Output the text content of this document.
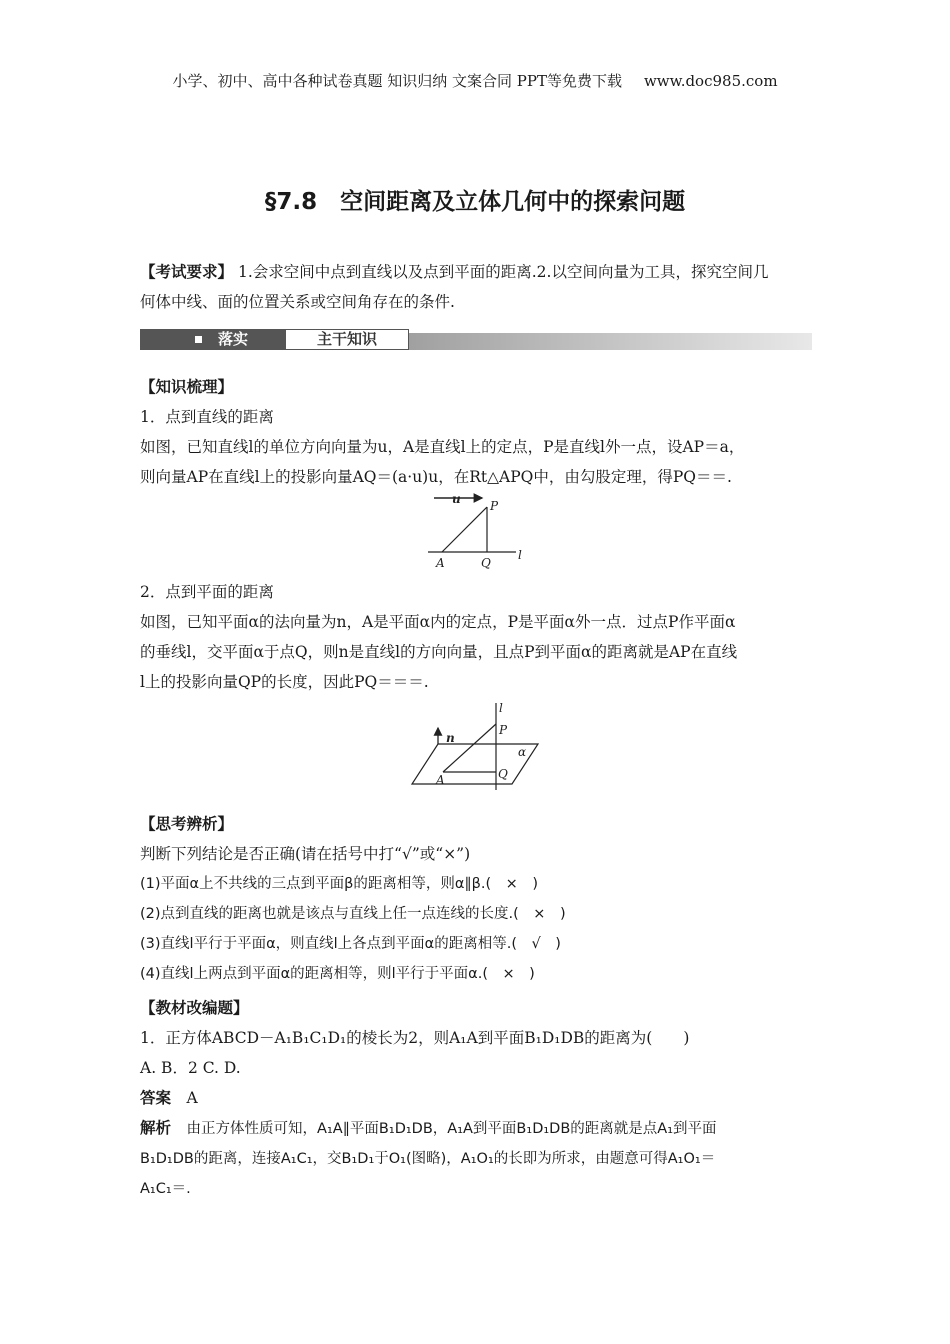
小学、初中、高中各种试卷真题 知识归纳 文案合同 PPT等免费下载 www.doc985.com
§7.8　空间距离及立体几何中的探索问题
【考试要求】 1.会求空间中点到直线以及点到平面的距离.2.以空间向量为工具，探究空间几
何体中线、面的位置关系或空间角存在的条件.
落实	主干知识
【知识梳理】
1．点到直线的距离
如图，已知直线l的单位方向向量为u，A是直线l上的定点，P是直线l外一点，设AP＝a，
则向量AP在直线l上的投影向量AQ＝(a·u)u，在Rt△APQ中，由勾股定理，得PQ＝＝.
u P
A	Q
l
2．点到平面的距离
如图，已知平面α的法向量为n，A是平面α内的定点，P是平面α外一点．过点P作平面α
的垂线l，交平面α于点Q，则n是直线l的方向向量，且点P到平面α的距离就是AP在直线
l上的投影向量QP的长度，因此PQ＝＝＝.
l
n
P
α
A	Q
【思考辨析】
判断下列结论是否正确(请在括号中打“√”或“×”)
(1)平面α上不共线的三点到平面β的距离相等，则α∥β.(　×　)
(2)点到直线的距离也就是该点与直线上任一点连线的长度.(　×　)
(3)直线l平行于平面α，则直线l上各点到平面α的距离相等.(　√　)
(4)直线l上两点到平面α的距离相等，则l平行于平面α.(　×　)
【教材改编题】
1．正方体ABCD－A₁B₁C₁D₁的棱长为2，则A₁A到平面B₁D₁DB的距离为(　　)
A. B．2 C. D.
答案　 A
解析　 由正方体性质可知，A₁A∥平面B₁D₁DB，A₁A到平面B₁D₁DB的距离就是点A₁到平面
B₁D₁DB的距离，连接A₁C₁，交B₁D₁于O₁(图略)，A₁O₁的长即为所求，由题意可得A₁O₁＝
A₁C₁＝.
